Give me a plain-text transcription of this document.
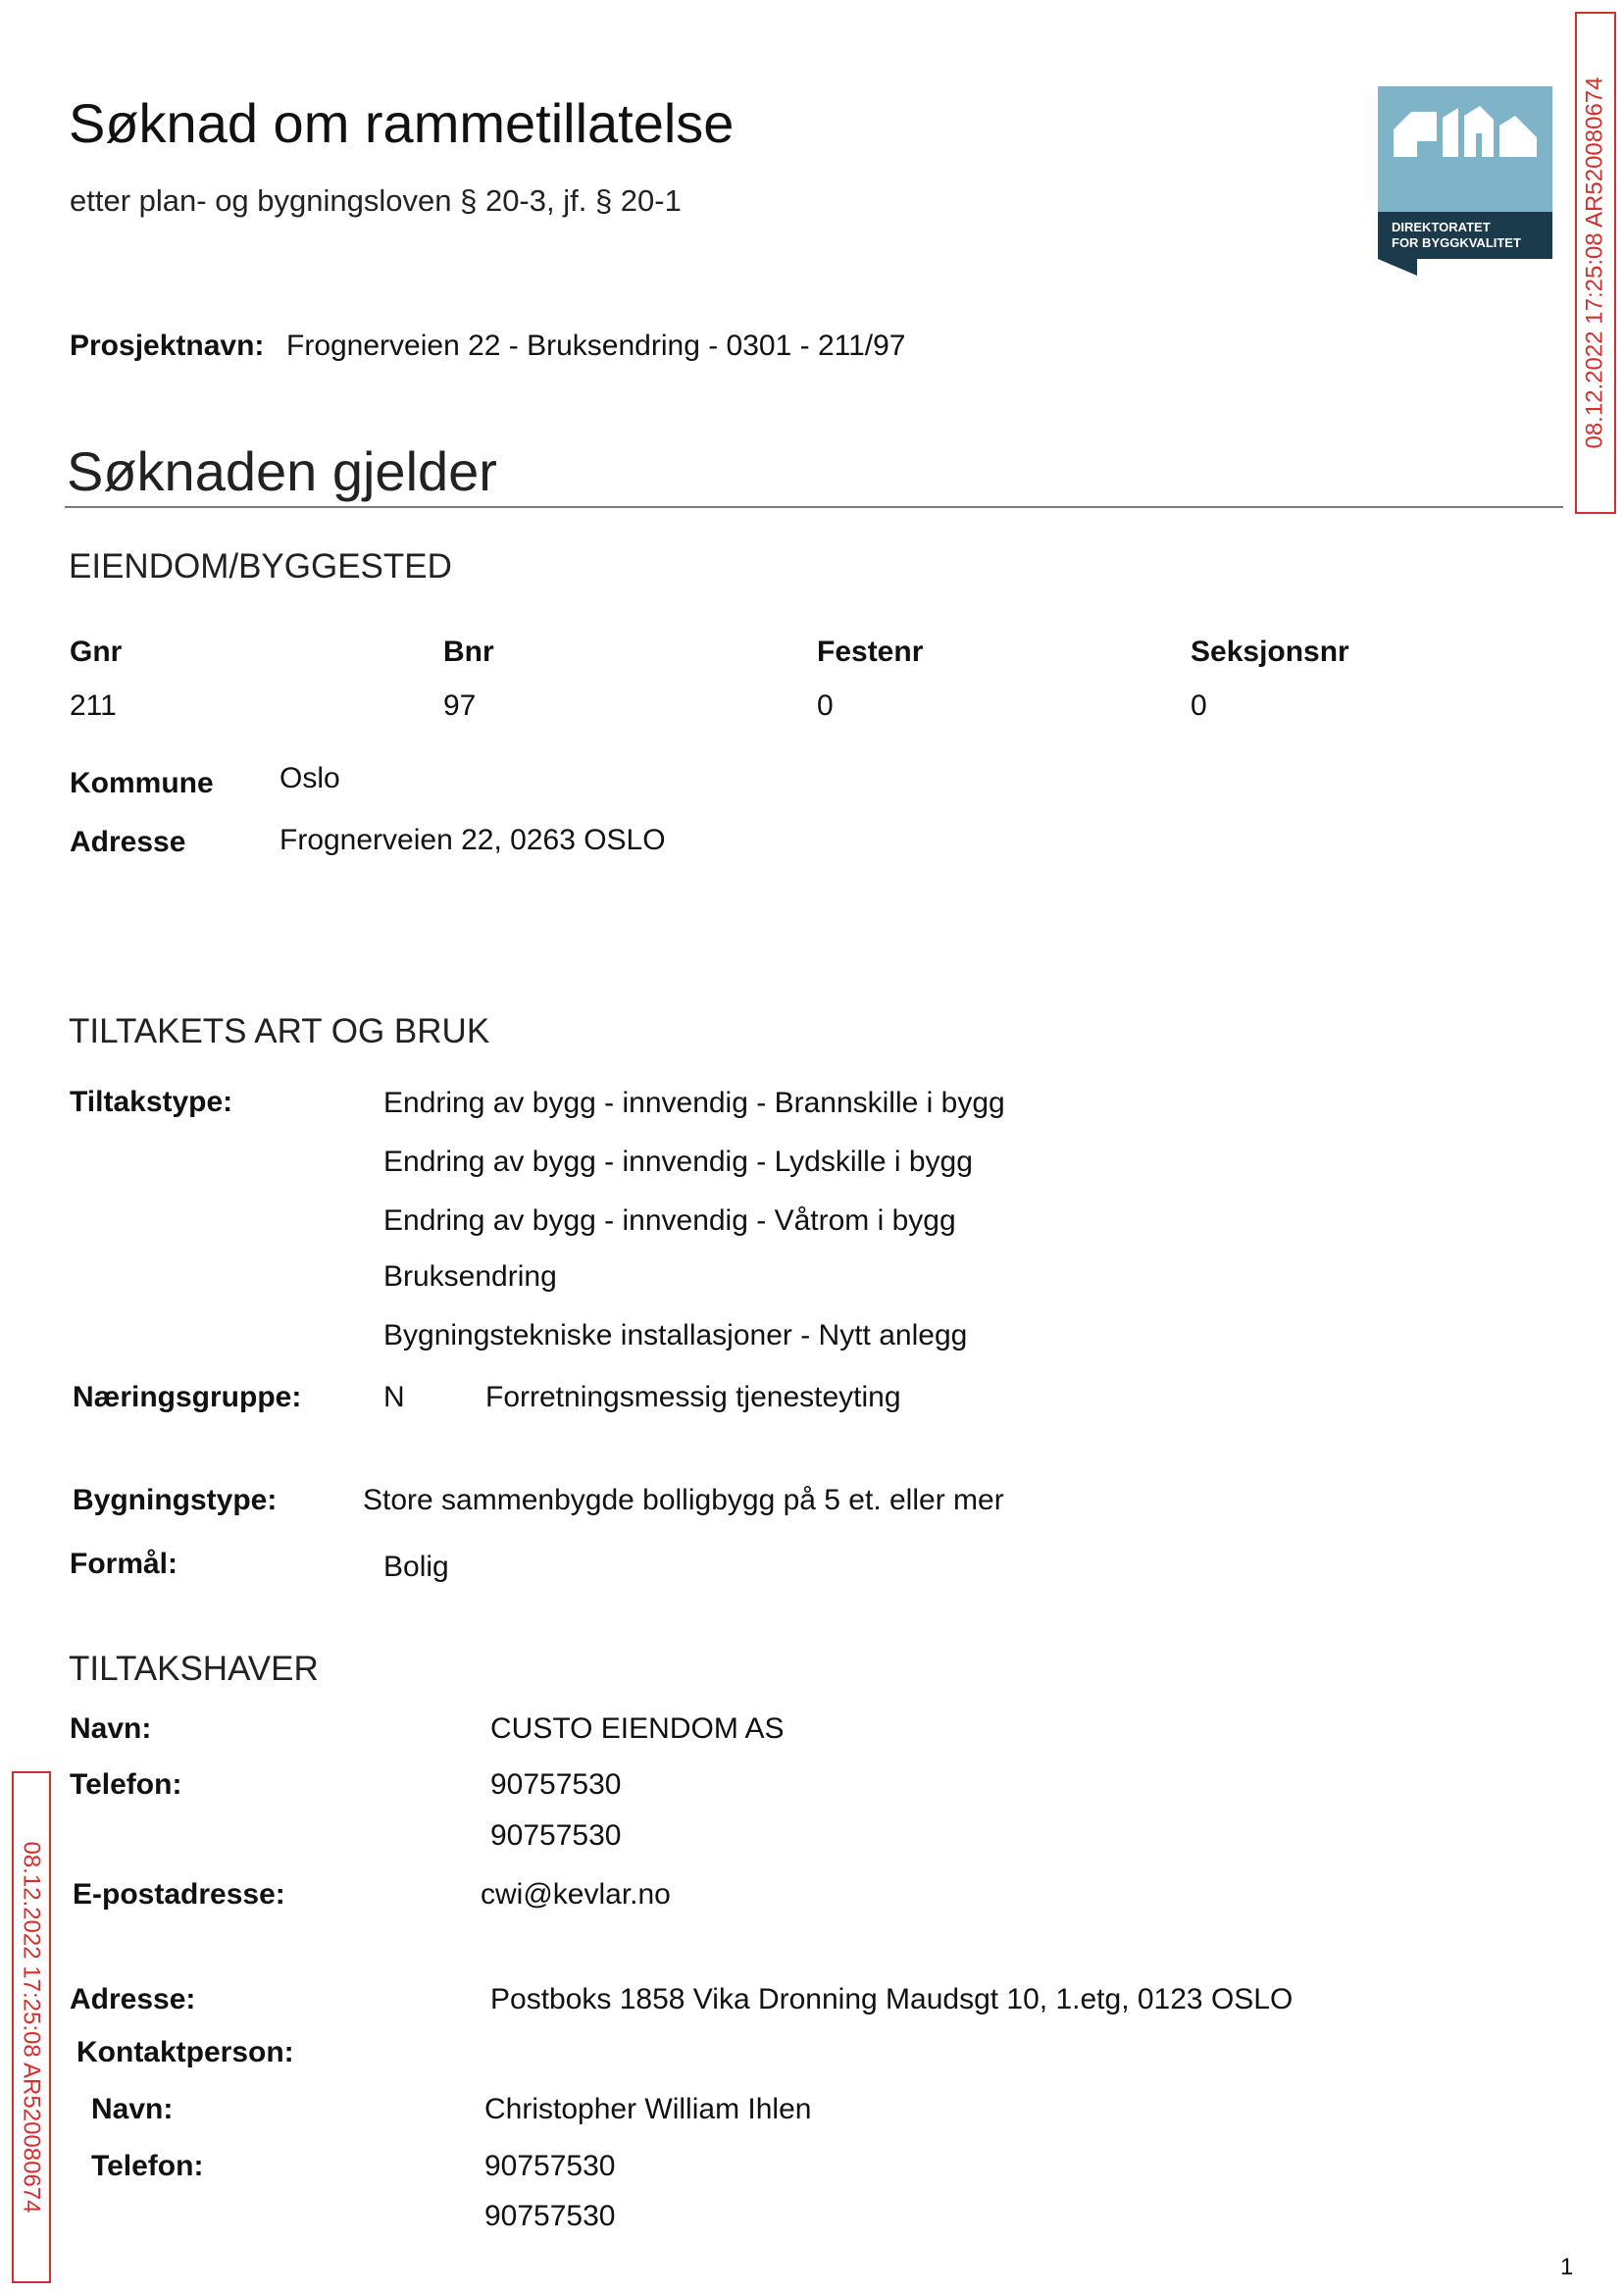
Søknad om rammetillatelse
etter plan- og bygningsloven § 20-3, jf. § 20-1
DIREKTORATET
FOR BYGGKVALITET
Prosjektnavn: Frognerveien 22 - Bruksendring - 0301 - 211/97
Søknaden gjelder
EIENDOM/BYGGESTED
Gnr	Bnr	Festenr	Seksjonsnr
211	97	0	0
Kommune Oslo
Adresse	Frognerveien 22, 0263 OSLO
TILTAKETS ART OG BRUK
Tiltakstype:	Endring av bygg - innvendig - Brannskille i bygg
Endring av bygg - innvendig - Lydskille i bygg
Endring av bygg - innvendig - Våtrom i bygg
Bruksendring
Bygningstekniske installasjoner - Nytt anlegg
Næringsgruppe:	N	Forretningsmessig tjenesteyting
Bygningstype:	Store sammenbygde bolligbygg på 5 et. eller mer
Formål:	Bolig
TILTAKSHAVER
Navn:	CUSTO EIENDOM AS
Telefon:	90757530
90757530
E-postadresse:	cwi@kevlar.no
Adresse:	Postboks 1858 Vika Dronning Maudsgt 10, 1.etg, 0123 OSLO
Kontaktperson:
Navn:	Christopher William Ihlen
Telefon:	90757530
90757530
08.12.2022 17:25:08 AR520080674
08.12.2022 17:25:08 AR520080674
1
